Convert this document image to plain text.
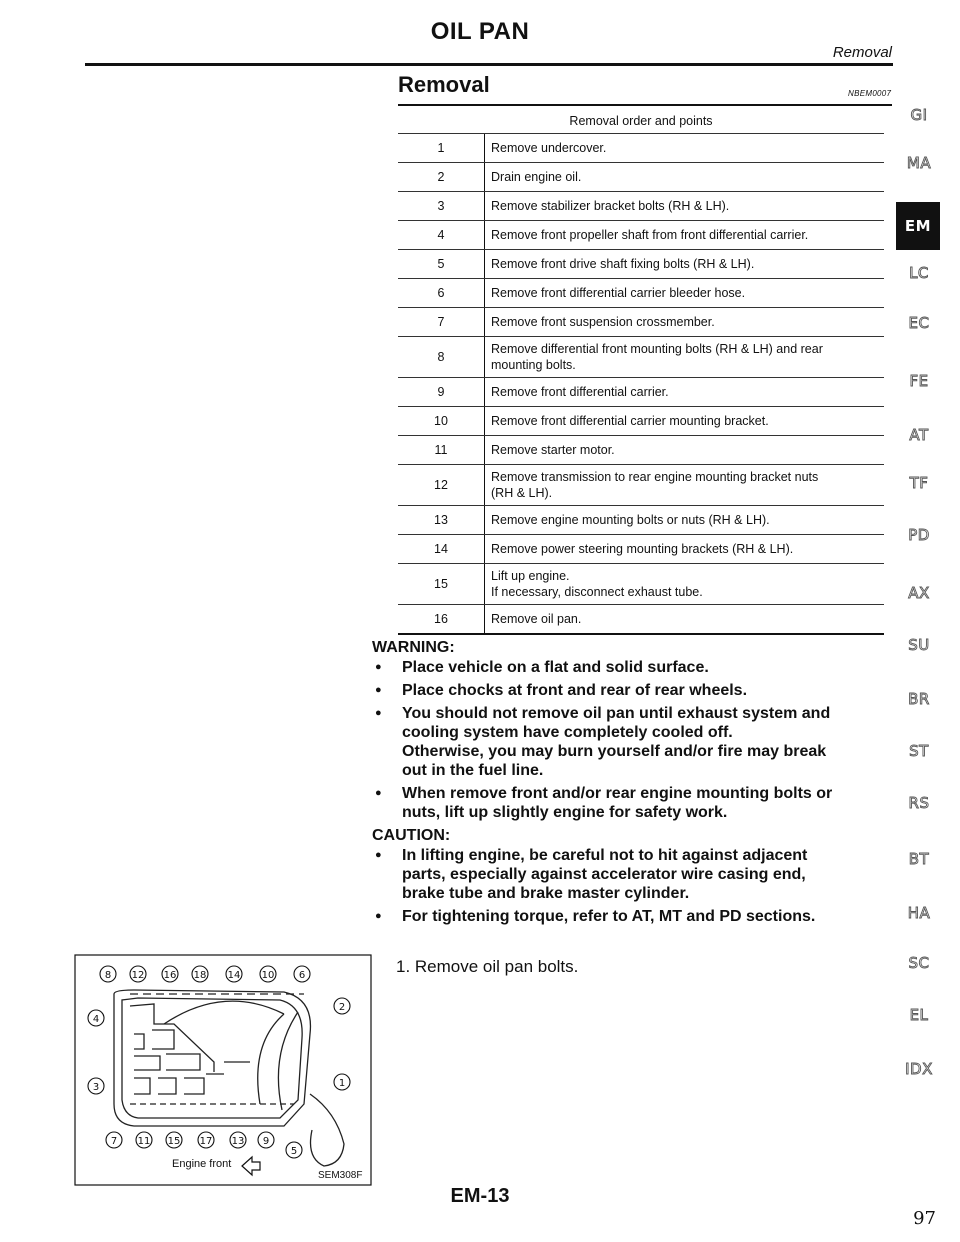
OIL PAN
Removal
Removal	NBEM0007
Removal order and points	
1	Remove undercover.

2	Drain engine oil.

3	Remove stabilizer bracket bolts (RH & LH).

4	Remove front propeller shaft from front differential carrier.

5	Remove front drive shaft fixing bolts (RH & LH).

6	Remove front differential carrier bleeder hose.

7	Remove front suspension crossmember.

8	Remove differential front mounting bolts (RH & LH) and rear
mounting bolts.

9	Remove front differential carrier.

10	Remove front differential carrier mounting bracket.

11	Remove starter motor.

12	Remove transmission to rear engine mounting bracket nuts
(RH & LH).

13	Remove engine mounting bolts or nuts (RH & LH).

14	Remove power steering mounting brackets (RH & LH).

15	Lift up engine.
If necessary, disconnect exhaust tube.

16	Remove oil pan.
WARNING:
● Place vehicle on a flat and solid surface.
● Place chocks at front and rear of rear wheels.
● You should not remove oil pan until exhaust system and
cooling system have completely cooled off.
Otherwise, you may burn yourself and/or fire may break
out in the fuel line.
● When remove front and/or rear engine mounting bolts or
nuts, lift up slightly engine for safety work.
CAUTION:
● In lifting engine, be careful not to hit against adjacent
parts, especially against accelerator wire casing end,
brake tube and brake master cylinder.
● For tightening torque, refer to AT, MT and PD sections.
1. Remove oil pan bolts.
8 12 16 18 14 10 6
7 11 15 17 13 9
4
3
2
1
5
Engine front
SEM308F
EM-13
97
GI
MA
EM
LC
EC
FE
AT
TF
PD
AX
SU
BR
ST
RS
BT
HA
SC
EL
IDX
